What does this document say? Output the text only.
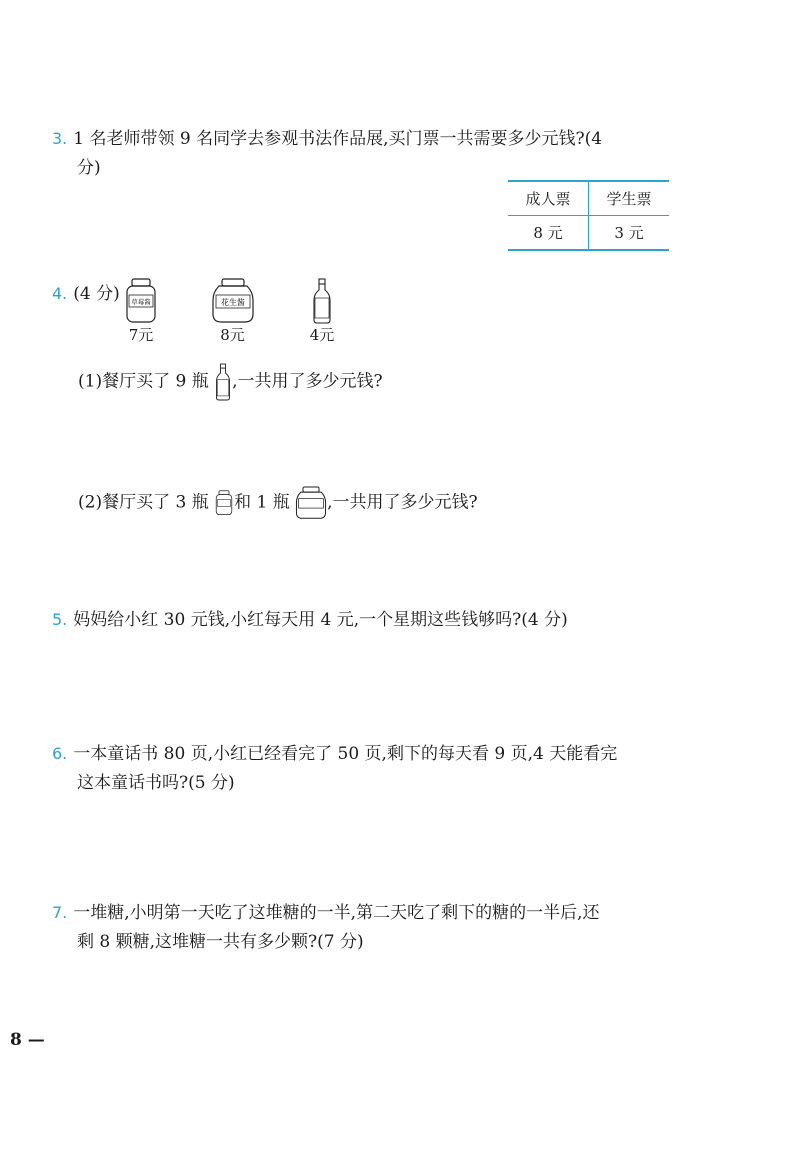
3. 1 名老师带领 9 名同学去参观书法作品展,买门票一共需要多少元钱?(4
分)
成人票	学生票
8 元	3 元
4. (4 分)	草莓酱
7元
花生酱
8元	4元
(1)餐厅买了 9 瓶 ,一共用了多少元钱?
(2)餐厅买了 3 瓶 和 1 瓶 ,一共用了多少元钱?
5. 妈妈给小红 30 元钱,小红每天用 4 元,一个星期这些钱够吗?(4 分)
6. 一本童话书 80 页,小红已经看完了 50 页,剩下的每天看 9 页,4 天能看完
这本童话书吗?(5 分)
7. 一堆糖,小明第一天吃了这堆糖的一半,第二天吃了剩下的糖的一半后,还
剩 8 颗糖,这堆糖一共有多少颗?(7 分)
8 —
